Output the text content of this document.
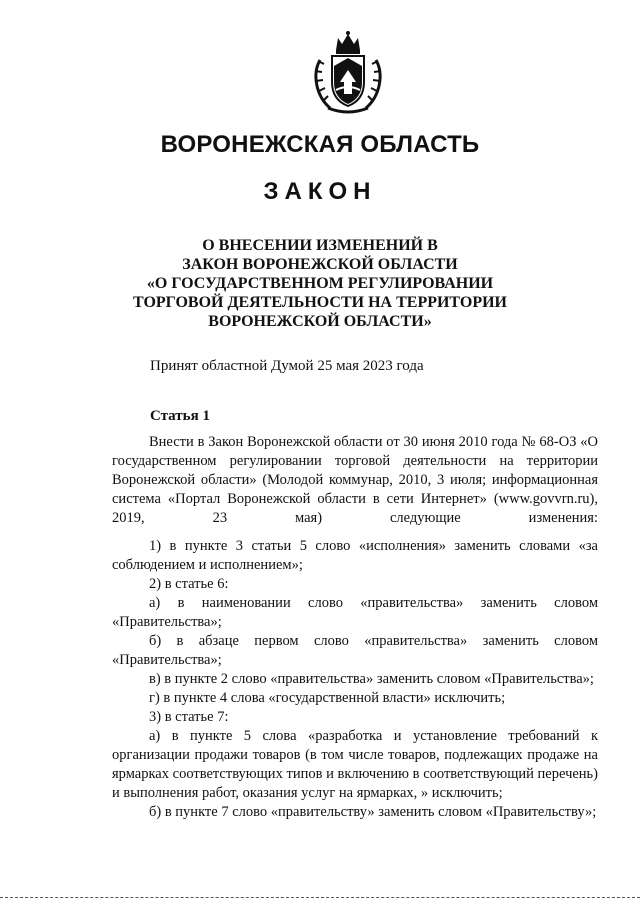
ВОРОНЕЖСКАЯ ОБЛАСТЬ
ЗАКОН
О ВНЕСЕНИИ ИЗМЕНЕНИЙ В
ЗАКОН ВОРОНЕЖСКОЙ ОБЛАСТИ
«О ГОСУДАРСТВЕННОМ РЕГУЛИРОВАНИИ
ТОРГОВОЙ ДЕЯТЕЛЬНОСТИ НА ТЕРРИТОРИИ
ВОРОНЕЖСКОЙ ОБЛАСТИ»
Принят областной Думой 25 мая 2023 года
Статья 1

Внести в Закон Воронежской области от 30 июня 2010 года № 68-ОЗ «О государственном регулировании торговой деятельности на территории Воронежской области» (Молодой коммунар, 2010, 3 июля; информационная система «Портал Воронежской области в сети Интернет» (www.govvrn.ru), 2019, 23 мая) следующие изменения:

1) в пункте 3 статьи 5 слово «исполнения» заменить словами «за соблюдением и исполнением»;

2) в статье 6:

а) в наименовании слово «правительства» заменить словом «Правительства»;

б) в абзаце первом слово «правительства» заменить словом «Правительства»;

в) в пункте 2 слово «правительства» заменить словом «Правительства»;

г) в пункте 4 слова «государственной власти» исключить;

3) в статье 7:

а) в пункте 5 слова «разработка и установление требований к организации продажи товаров (в том числе товаров, подлежащих продаже на ярмарках соответствующих типов и включению в соответствующий перечень) и выполнения работ, оказания услуг на ярмарках, » исключить;

б) в пункте 7 слово «правительству» заменить словом «Правительству»;
